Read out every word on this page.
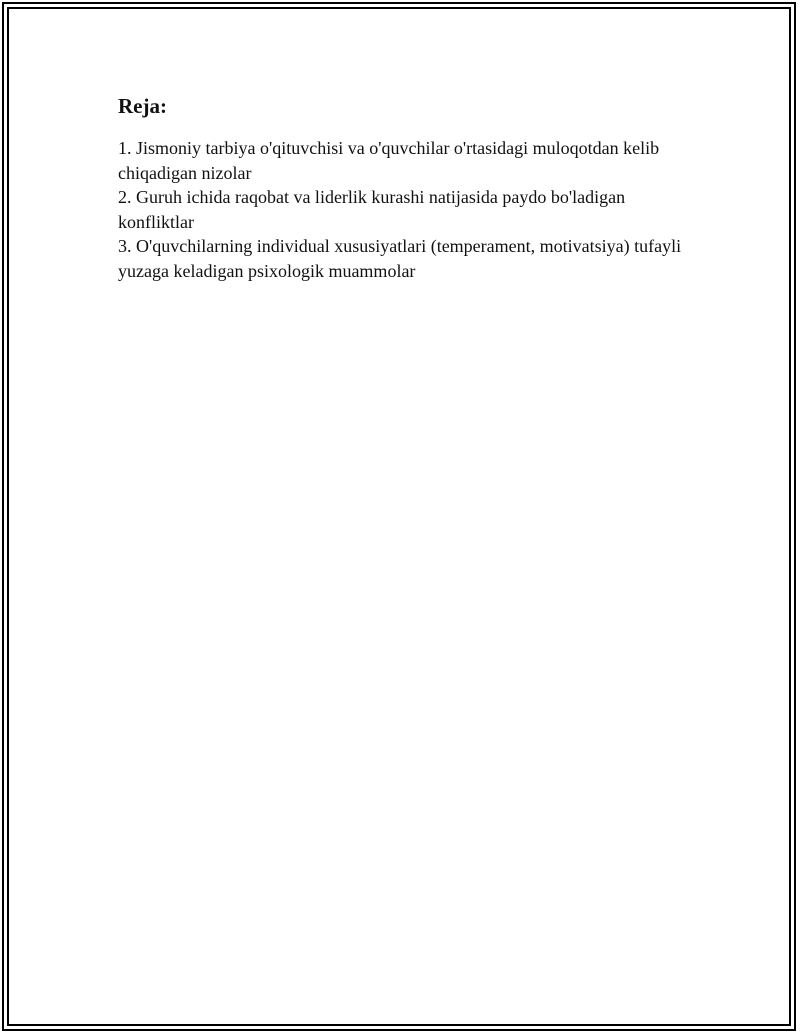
Reja:
1. Jismoniy tarbiya o'qituvchisi va o'quvchilar o'rtasidagi muloqotdan kelib chiqadigan nizolar
2. Guruh ichida raqobat va liderlik kurashi natijasida paydo bo'ladigan konfliktlar
3. O'quvchilarning individual xususiyatlari (temperament, motivatsiya) tufayli yuzaga keladigan psixologik muammolar
